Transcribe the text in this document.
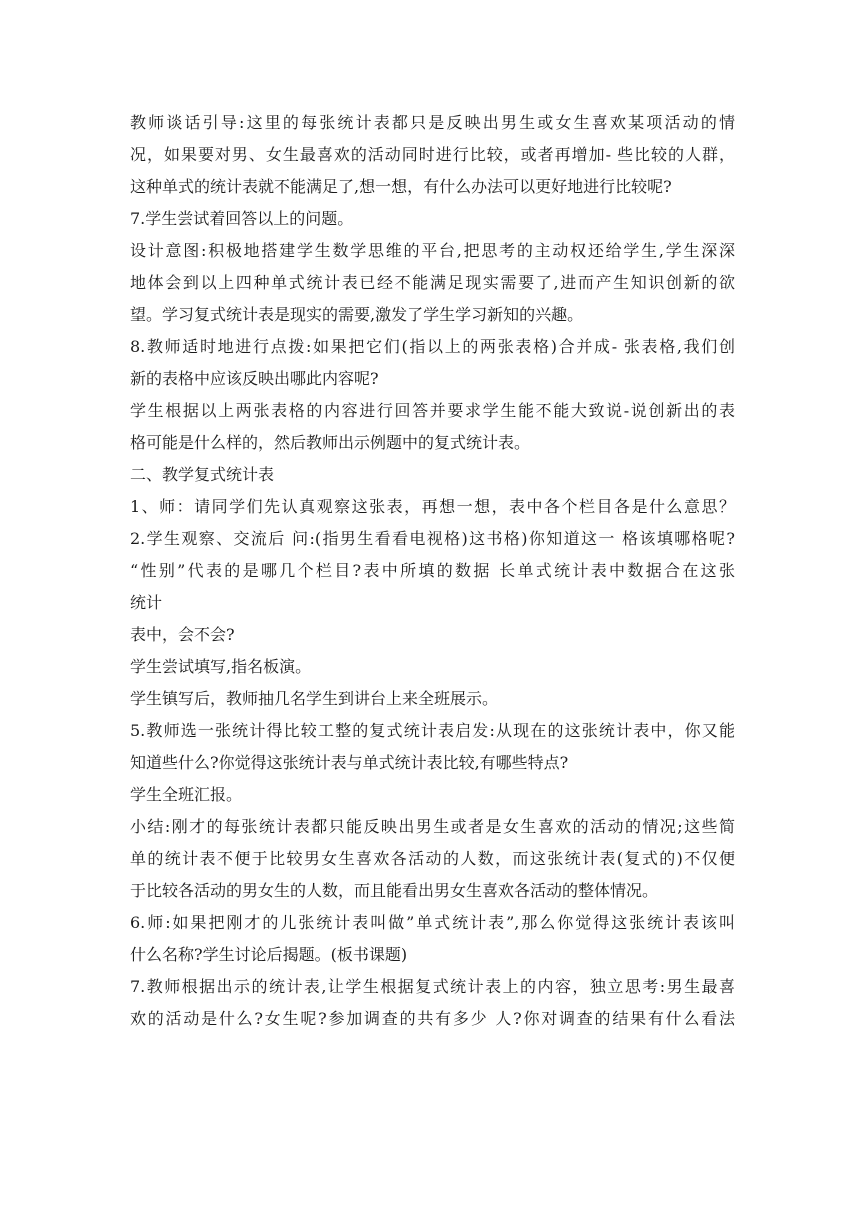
教师谈话引导:这里的每张统计表都只是反映出男生或女生喜欢某项活动的情
况，如果要对男、女生最喜欢的活动同时进行比较，或者再增加- 些比较的人群，
这种单式的统计表就不能满足了,想一想，有什么办法可以更好地进行比较呢?
7.学生尝试着回答以上的问题。
设计意图:积极地搭建学生数学思维的平台,把思考的主动权还给学生,学生深深
地体会到以上四种单式统计表已经不能满足现实需要了,进而产生知识创新的欲
望。学习复式统计表是现实的需要,激发了学生学习新知的兴趣。
8.教师适时地进行点拨:如果把它们(指以上的两张表格)合并成- 张表格,我们创
新的表格中应该反映出哪此内容呢?
学生根据以上两张表格的内容进行回答并要求学生能不能大致说-说创新出的表
格可能是什么样的，然后教师出示例题中的复式统计表。
二、教学复式统计表
1、师：请同学们先认真观察这张表，再想一想，表中各个栏目各是什么意思？
2.学生观察、交流后 问:(指男生看看电视格)这书格)你知道这一 格该填哪格呢?
“性别”代表的是哪几个栏目?表中所填的数据 长单式统计表中数据合在这张
统计
表中，会不会?
学生尝试填写,指名板演。
学生镇写后，教师抽几名学生到讲台上来全班展示。
5.教师选一张统计得比较工整的复式统计表启发:从现在的这张统计表中，你又能
知道些什么?你觉得这张统计表与单式统计表比较,有哪些特点?
学生全班汇报。
小结:刚才的每张统计表都只能反映出男生或者是女生喜欢的活动的情况;这些简
单的统计表不便于比较男女生喜欢各活动的人数，而这张统计表(复式的)不仅便
于比较各活动的男女生的人数，而且能看出男女生喜欢各活动的整体情况。
6.师:如果把刚才的儿张统计表叫做”单式统计表”,那么你觉得这张统计表该叫
什么名称?学生讨论后揭题。(板书课题)
7.教师根据出示的统计表,让学生根据复式统计表上的内容，独立思考:男生最喜
欢的活动是什么?女生呢?参加调查的共有多少 人?你对调查的结果有什么看法
